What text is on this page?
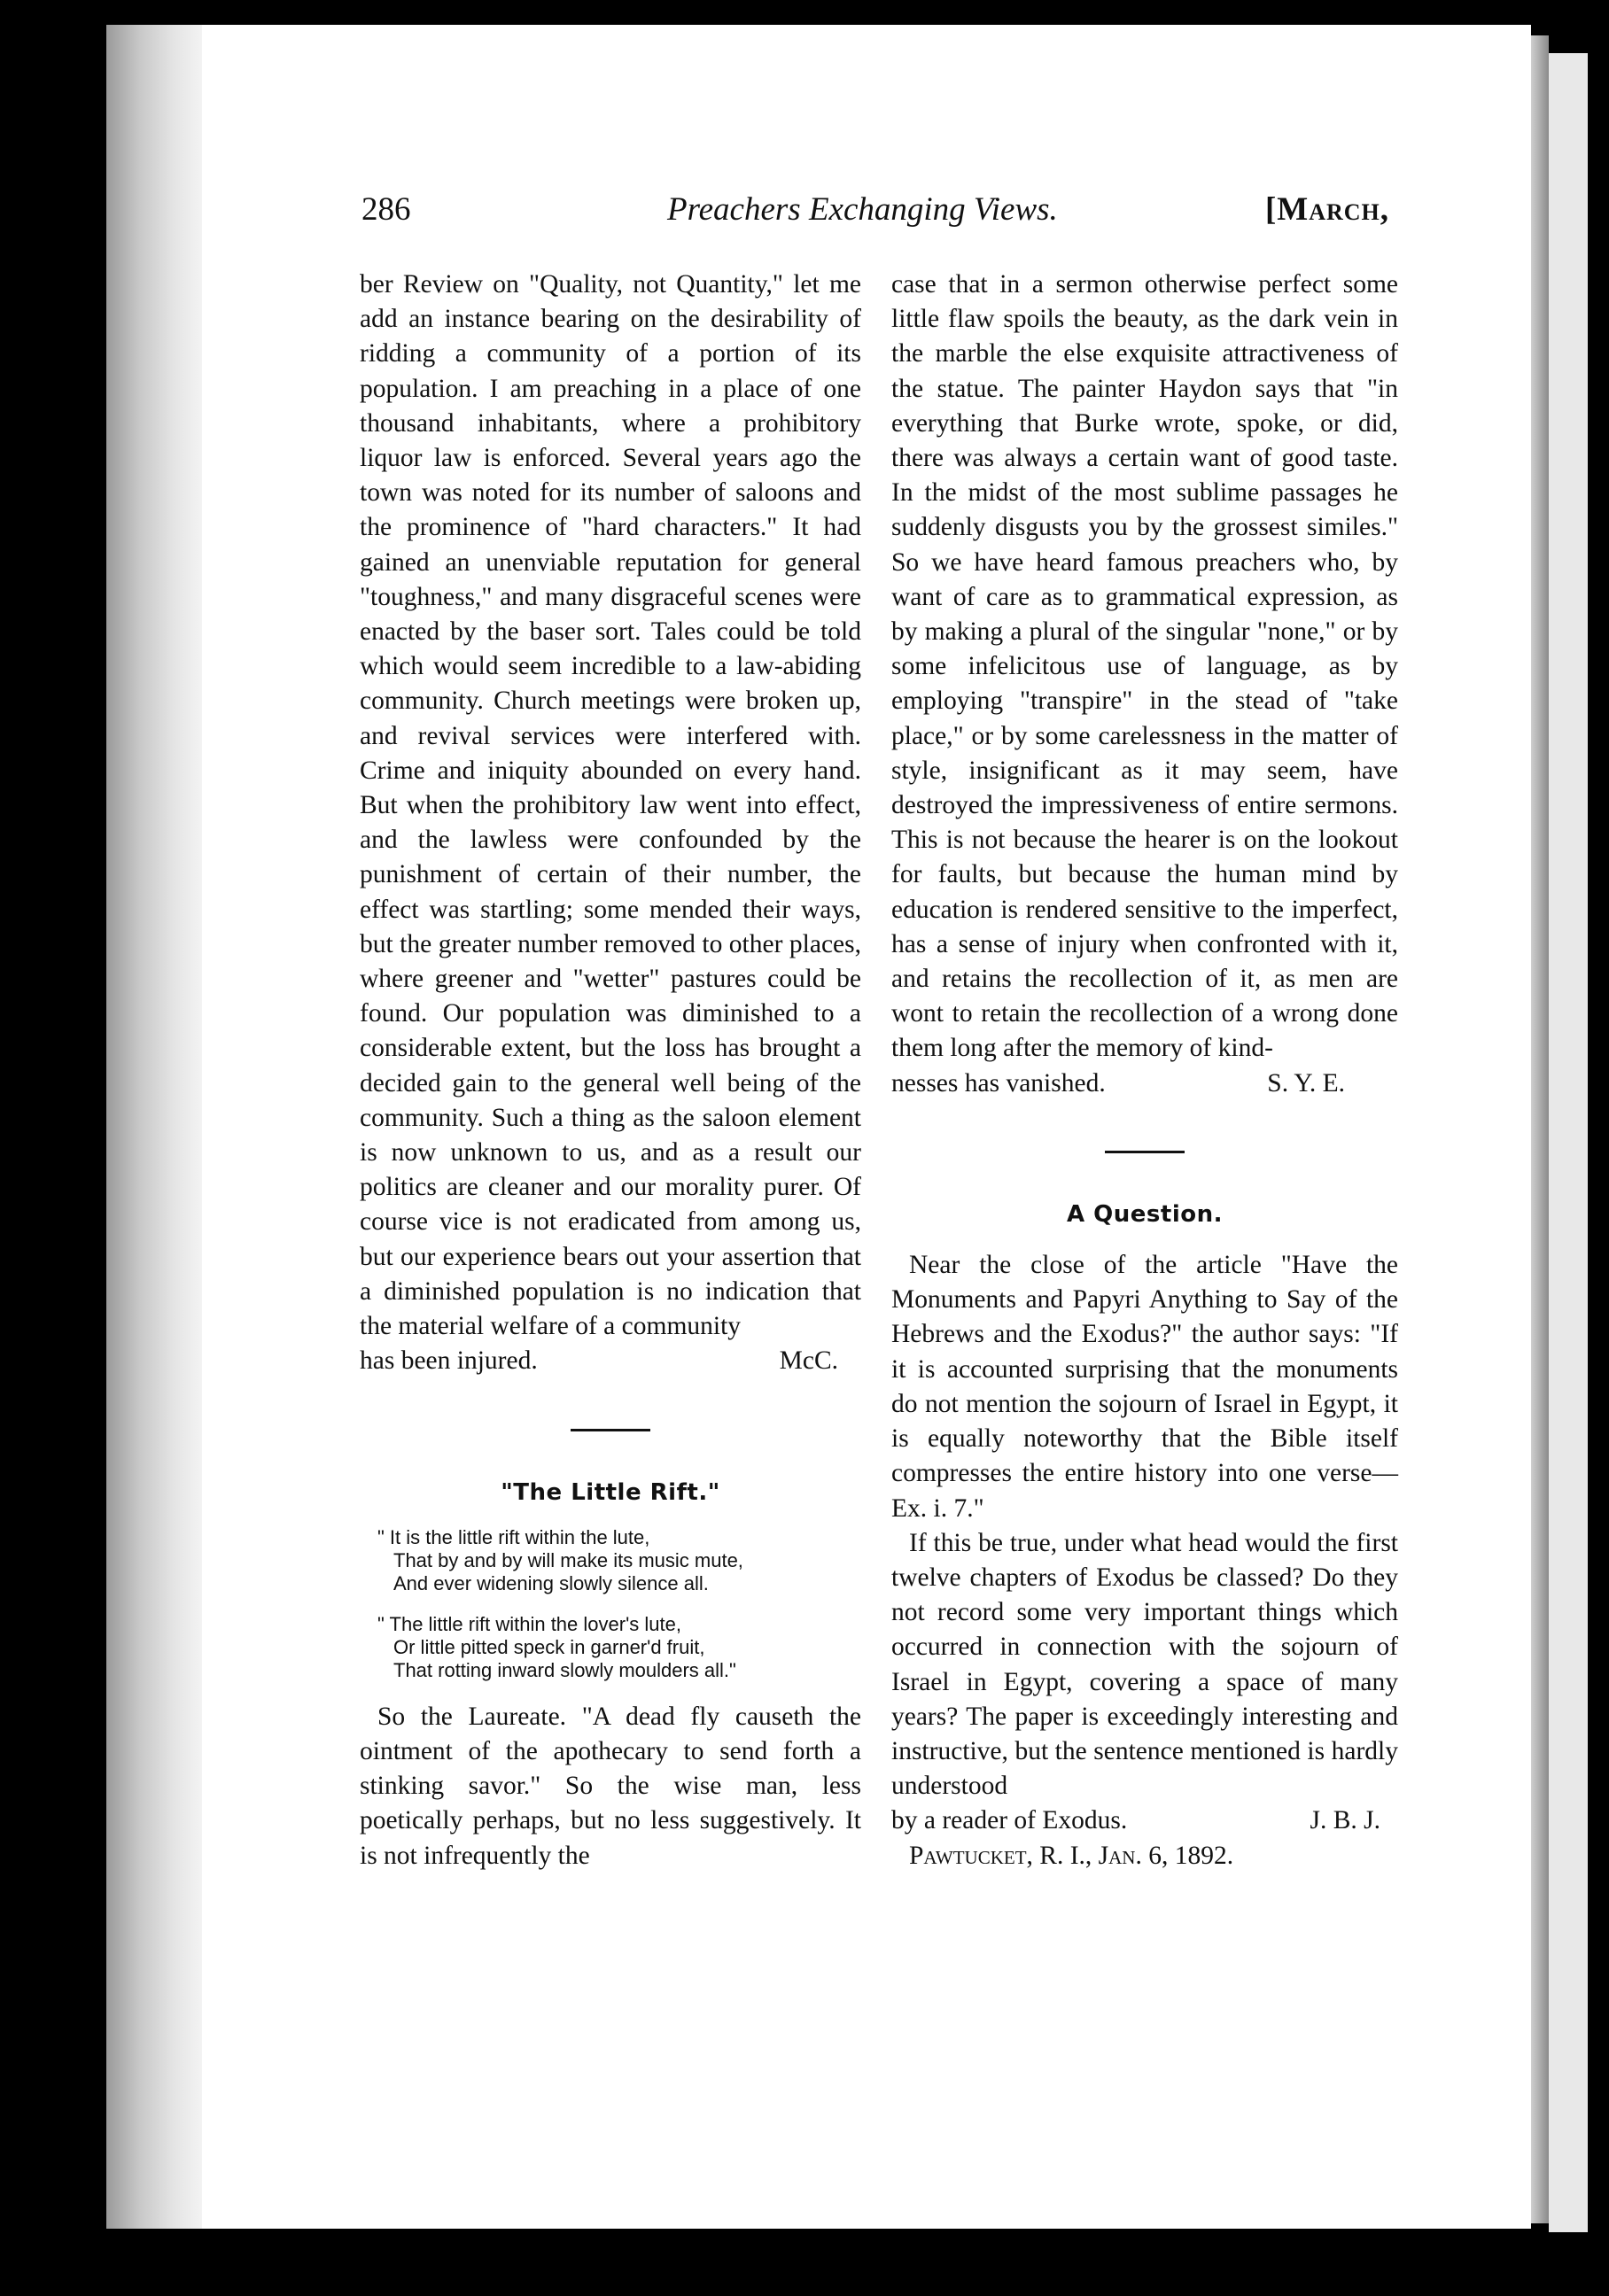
286	Preachers Exchanging Views.	[March,

ber Review on "Quality, not Quantity," let me add an instance bearing on the desirability of ridding a community of a portion of its population. I am preaching in a place of one thousand inhabitants, where a prohibitory liquor law is enforced. Several years ago the town was noted for its number of saloons and the prominence of "hard characters." It had gained an unenviable reputation for general "toughness," and many disgraceful scenes were enacted by the baser sort. Tales could be told which would seem incredible to a law-abiding community. Church meetings were broken up, and revival services were interfered with. Crime and iniquity abounded on every hand. But when the prohibitory law went into effect, and the lawless were confounded by the punishment of certain of their number, the effect was startling; some mended their ways, but the greater number removed to other places, where greener and "wetter" pastures could be found. Our population was diminished to a considerable extent, but the loss has brought a decided gain to the general well being of the community. Such a thing as the saloon element is now unknown to us, and as a result our politics are cleaner and our morality purer. Of course vice is not eradicated from among us, but our experience bears out your assertion that a diminished population is no indication that the material welfare of a community

has been injured.	McC.
"The Little Rift."
" It is the little rift within the lute,
That by and by will make its music mute,
And ever widening slowly silence all.
" The little rift within the lover's lute,
Or little pitted speck in garner'd fruit,
That rotting inward slowly moulders all."

So the Laureate. "A dead fly causeth the ointment of the apothecary to send forth a stinking savor." So the wise man, less poetically perhaps, but no less suggestively. It is not infrequently the

case that in a sermon otherwise perfect some little flaw spoils the beauty, as the dark vein in the marble the else exquisite attractiveness of the statue. The painter Haydon says that "in everything that Burke wrote, spoke, or did, there was always a certain want of good taste. In the midst of the most sublime passages he suddenly disgusts you by the grossest similes." So we have heard famous preachers who, by want of care as to grammatical expression, as by making a plural of the singular "none," or by some infelicitous use of language, as by employing "transpire" in the stead of "take place," or by some carelessness in the matter of style, insignificant as it may seem, have destroyed the impressiveness of entire sermons. This is not because the hearer is on the lookout for faults, but because the human mind by education is rendered sensitive to the imperfect, has a sense of injury when confronted with it, and retains the recollection of it, as men are wont to retain the recollection of a wrong done them long after the memory of kind-

nesses has vanished.	S. Y. E.
A Question.

Near the close of the article "Have the Monuments and Papyri Anything to Say of the Hebrews and the Exodus?" the author says: "If it is accounted surprising that the monuments do not mention the sojourn of Israel in Egypt, it is equally noteworthy that the Bible itself compresses the entire history into one verse—Ex. i. 7."

If this be true, under what head would the first twelve chapters of Exodus be classed? Do they not record some very important things which occurred in connection with the sojourn of Israel in Egypt, covering a space of many years? The paper is exceedingly interesting and instructive, but the sentence mentioned is hardly understood

by a reader of Exodus.	J. B. J.

Pawtucket, R. I., Jan. 6, 1892.
